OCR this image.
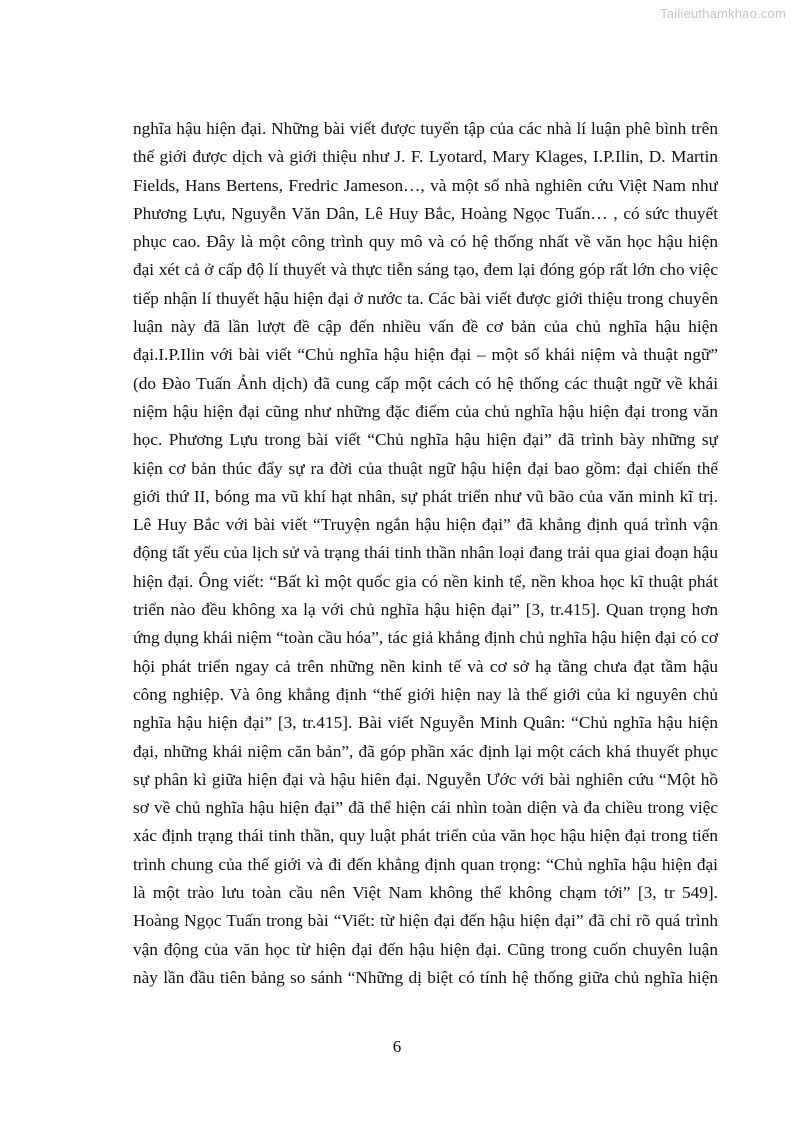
Tailieuthamkhao.com
nghĩa hậu hiện đại. Những bài viết được tuyển tập của các nhà lí luận phê bình trên
thế giới được dịch và giới thiệu như J. F. Lyotard, Mary Klages, I.P.Ilin, D. Martin
Fields, Hans Bertens, Fredric Jameson…, và một số nhà nghiên cứu Việt Nam như
Phương Lựu, Nguyễn Văn Dân, Lê Huy Bắc, Hoàng Ngọc Tuấn… , có sức thuyết
phục cao. Đây là một công trình quy mô và có hệ thống nhất về văn học hậu hiện
đại xét cả ở cấp độ lí thuyết và thực tiễn sáng tạo, đem lại đóng góp rất lớn cho việc
tiếp nhận lí thuyết hậu hiện đại ở nước ta. Các bài viết được giới thiệu trong chuyên
luận này đã lần lượt đề cập đến nhiều vấn đề cơ bản của chủ nghĩa hậu hiện
đại.I.P.Ilin với bài viết “Chủ nghĩa hậu hiện đại – một số khái niệm và thuật ngữ”
(do Đào Tuấn Ảnh dịch) đã cung cấp một cách có hệ thống các thuật ngữ về khái
niệm hậu hiện đại cũng như những đặc điểm của chủ nghĩa hậu hiện đại trong văn
học. Phương Lựu trong bài viết “Chủ nghĩa hậu hiện đại” đã trình bày những sự
kiện cơ bản thúc đẩy sự ra đời của thuật ngữ hậu hiện đại bao gồm: đại chiến thế
giới thứ II, bóng ma vũ khí hạt nhân, sự phát triển như vũ bão của văn minh kĩ trị.
Lê Huy Bắc với bài viết “Truyện ngắn hậu hiện đại” đã khẳng định quá trình vận
động tất yếu của lịch sử và trạng thái tinh thần nhân loại đang trải qua giai đoạn hậu
hiện đại. Ông viết: “Bất kì một quốc gia có nền kinh tế, nền khoa học kĩ thuật phát
triển nào đều không xa lạ với chủ nghĩa hậu hiện đại” [3, tr.415]. Quan trọng hơn
ứng dụng khái niệm “toàn cầu hóa”, tác giả khẳng định chủ nghĩa hậu hiện đại có cơ
hội phát triển ngay cả trên những nền kinh tế và cơ sở hạ tầng chưa đạt tầm hậu
công nghiệp. Và ông khẳng định “thế giới hiện nay là thế giới của kỉ nguyên chủ
nghĩa hậu hiện đại” [3, tr.415]. Bài viết Nguyễn Minh Quân: “Chủ nghĩa hậu hiện
đại, những khái niệm căn bản”, đã góp phần xác định lại một cách khá thuyết phục
sự phân kì giữa hiện đại và hậu hiên đại. Nguyễn Ước với bài nghiên cứu “Một hồ
sơ về chủ nghĩa hậu hiện đại” đã thể hiện cái nhìn toàn diện và đa chiều trong việc
xác định trạng thái tinh thần, quy luật phát triển của văn học hậu hiện đại trong tiến
trình chung của thế giới và đi đến khẳng định quan trọng: “Chủ nghĩa hậu hiện đại
là một trào lưu toàn cầu nên Việt Nam không thể không chạm tới” [3, tr 549].
Hoàng Ngọc Tuấn trong bài “Viết: từ hiện đại đến hậu hiện đại” đã chỉ rõ quá trình
vận động của văn học từ hiện đại đến hậu hiện đại. Cũng trong cuốn chuyên luận
này lần đầu tiên bảng so sánh “Những dị biệt có tính hệ thống giữa chủ nghĩa hiện
6
